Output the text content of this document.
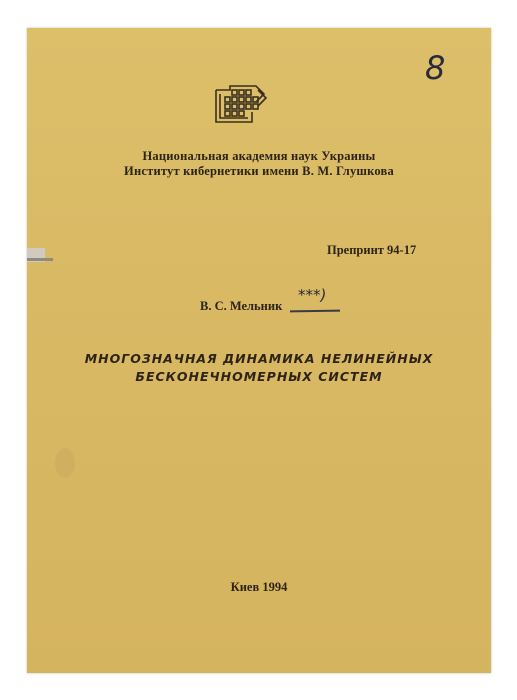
Национальная академия наук Украины
Институт кибернетики имени В. М. Глушкова
8
Препринт 94-17
В. С. Мельник
***)
МНОГОЗНАЧНАЯ ДИНАМИКА НЕЛИНЕЙНЫХ
БЕСКОНЕЧНОМЕРНЫХ СИСТЕМ
Киев 1994
